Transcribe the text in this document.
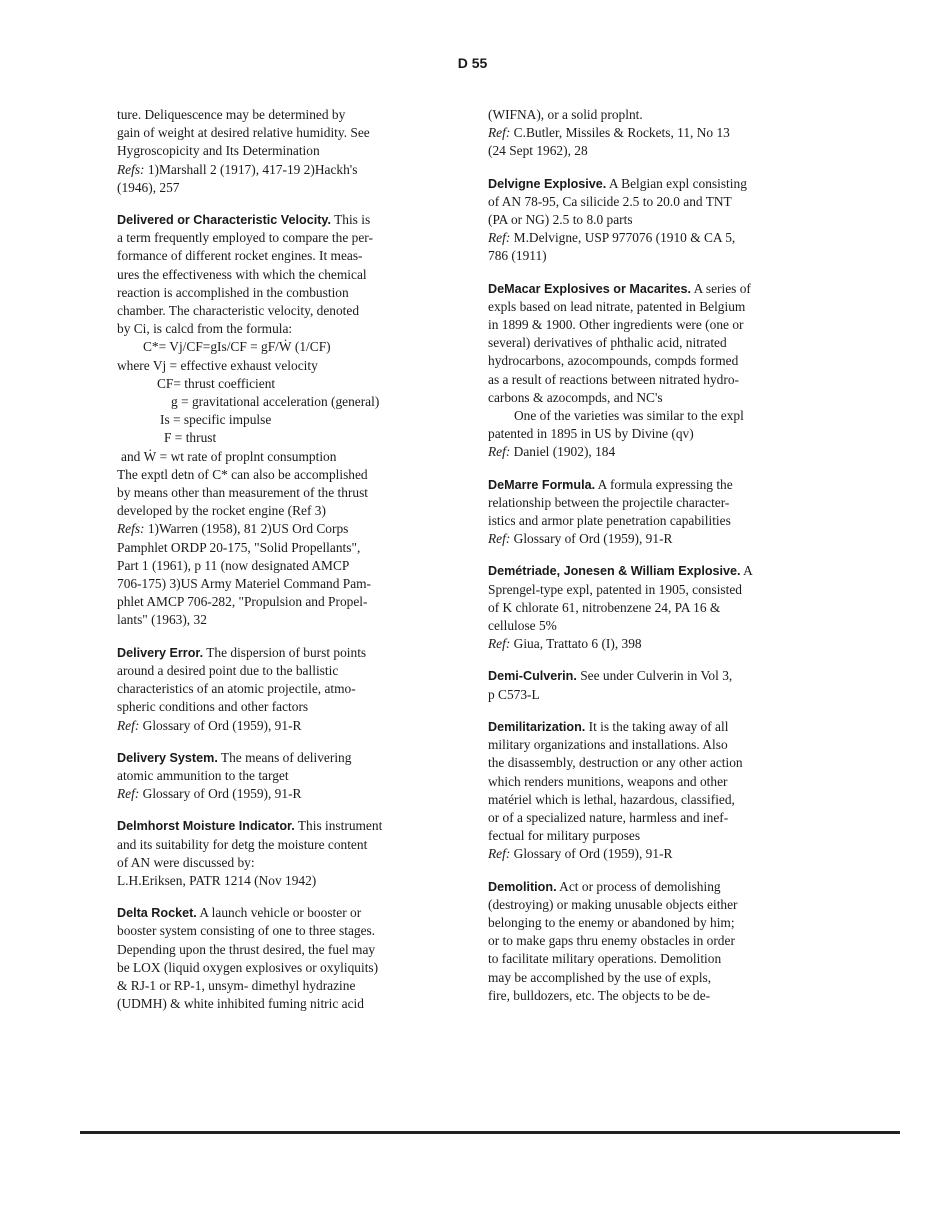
D 55
ture. Deliquescence may be determined by
gain of weight at desired relative humidity. See
Hygroscopicity and Its Determination
Refs: 1)Marshall 2 (1917), 417-19 2)Hackh's
(1946), 257
Delivered or Characteristic Velocity. This is
a term frequently employed to compare the per-
formance of different rocket engines. It meas-
ures the effectiveness with which the chemical
reaction is accomplished in the combustion
chamber. The characteristic velocity, denoted
by Ci, is calcd from the formula:
C*= Vj/CF=gIs/CF = gF/Ẇ (1/CF)
where Vj = effective exhaust velocity
CF= thrust coefficient
g = gravitational acceleration (general)
Is = specific impulse
F = thrust
and Ẇ = wt rate of proplnt consumption
The exptl detn of C* can also be accomplished
by means other than measurement of the thrust
developed by the rocket engine (Ref 3)
Refs: 1)Warren (1958), 81 2)US Ord Corps
Pamphlet ORDP 20-175, "Solid Propellants",
Part 1 (1961), p 11 (now designated AMCP
706-175) 3)US Army Materiel Command Pam-
phlet AMCP 706-282, "Propulsion and Propel-
lants" (1963), 32
Delivery Error. The dispersion of burst points
around a desired point due to the ballistic
characteristics of an atomic projectile, atmo-
spheric conditions and other factors
Ref: Glossary of Ord (1959), 91-R
Delivery System. The means of delivering
atomic ammunition to the target
Ref: Glossary of Ord (1959), 91-R
Delmhorst Moisture Indicator. This instrument
and its suitability for detg the moisture content
of AN were discussed by:
L.H.Eriksen, PATR 1214 (Nov 1942)
Delta Rocket. A launch vehicle or booster or
booster system consisting of one to three stages.
Depending upon the thrust desired, the fuel may
be LOX (liquid oxygen explosives or oxyliquits)
& RJ-1 or RP-1, unsym- dimethyl hydrazine
(UDMH) & white inhibited fuming nitric acid
(WIFNA), or a solid proplnt.
Ref: C.Butler, Missiles & Rockets, 11, No 13
(24 Sept 1962), 28
Delvigne Explosive. A Belgian expl consisting
of AN 78-95, Ca silicide 2.5 to 20.0 and TNT
(PA or NG) 2.5 to 8.0 parts
Ref: M.Delvigne, USP 977076 (1910 & CA 5,
786 (1911)
DeMacar Explosives or Macarites. A series of
expls based on lead nitrate, patented in Belgium
in 1899 & 1900. Other ingredients were (one or
several) derivatives of phthalic acid, nitrated
hydrocarbons, azocompounds, compds formed
as a result of reactions between nitrated hydro-
carbons & azocompds, and NC's
One of the varieties was similar to the expl
patented in 1895 in US by Divine (qv)
Ref: Daniel (1902), 184
DeMarre Formula. A formula expressing the
relationship between the projectile character-
istics and armor plate penetration capabilities
Ref: Glossary of Ord (1959), 91-R
Demétriade, Jonesen & William Explosive. A
Sprengel-type expl, patented in 1905, consisted
of K chlorate 61, nitrobenzene 24, PA 16 &
cellulose 5%
Ref: Giua, Trattato 6 (I), 398
Demi-Culverin. See under Culverin in Vol 3,
p C573-L
Demilitarization. It is the taking away of all
military organizations and installations. Also
the disassembly, destruction or any other action
which renders munitions, weapons and other
matériel which is lethal, hazardous, classified,
or of a specialized nature, harmless and inef-
fectual for military purposes
Ref: Glossary of Ord (1959), 91-R
Demolition. Act or process of demolishing
(destroying) or making unusable objects either
belonging to the enemy or abandoned by him;
or to make gaps thru enemy obstacles in order
to facilitate military operations. Demolition
may be accomplished by the use of expls,
fire, bulldozers, etc. The objects to be de-
